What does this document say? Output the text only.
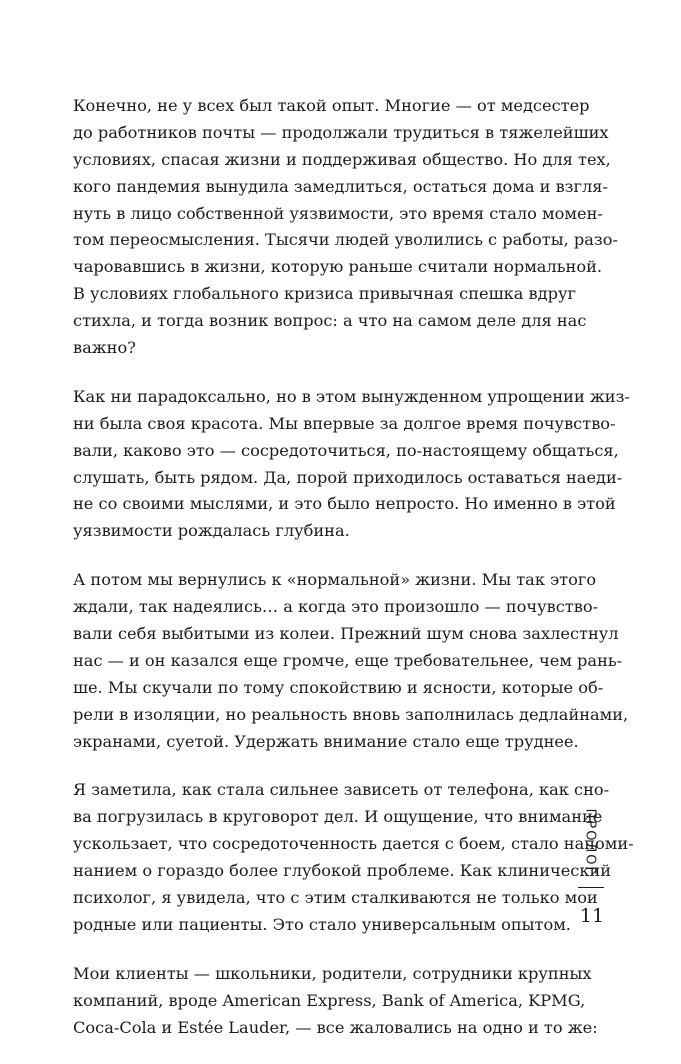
Конечно, не у всех был такой опыт. Многие — от медсестер
до работников почты — продолжали трудиться в тяжелейших
условиях, спасая жизни и поддерживая общество. Но для тех,
кого пандемия вынудила замедлиться, остаться дома и взгля-
нуть в лицо собственной уязвимости, это время стало момен-
том переосмысления. Тысячи людей уволились с работы, разо-
чаровавшись в жизни, которую раньше считали нормальной.
В условиях глобального кризиса привычная спешка вдруг
стихла, и тогда возник вопрос: а что на самом деле для нас
важно?
Как ни парадоксально, но в этом вынужденном упрощении жиз-
ни была своя красота. Мы впервые за долгое время почувство-
вали, каково это — сосредоточиться, по-настоящему общаться,
слушать, быть рядом. Да, порой приходилось оставаться наеди-
не со своими мыслями, и это было непросто. Но именно в этой
уязвимости рождалась глубина.
А потом мы вернулись к «нормальной» жизни. Мы так этого
ждали, так надеялись… а когда это произошло — почувство-
вали себя выбитыми из колеи. Прежний шум снова захлестнул
нас — и он казался еще громче, еще требовательнее, чем рань-
ше. Мы скучали по тому спокойствию и ясности, которые об-
рели в изоляции, но реальность вновь заполнилась дедлайнами,
экранами, суетой. Удержать внимание стало еще труднее.
Я заметила, как стала сильнее зависеть от телефона, как сно-
ва погрузилась в круговорот дел. И ощущение, что внимание
ускользает, что сосредоточенность дается с боем, стало напоми-
нанием о гораздо более глубокой проблеме. Как клинический
психолог, я увидела, что с этим сталкиваются не только мои
родные или пациенты. Это стало универсальным опытом.
Мои клиенты — школьники, родители, сотрудники крупных
компаний, вроде American Express, Bank of America, KPMG,
Coca-Cola и Estée Lauder, — все жаловались на одно и то же:
ПРОЛОГ
11
